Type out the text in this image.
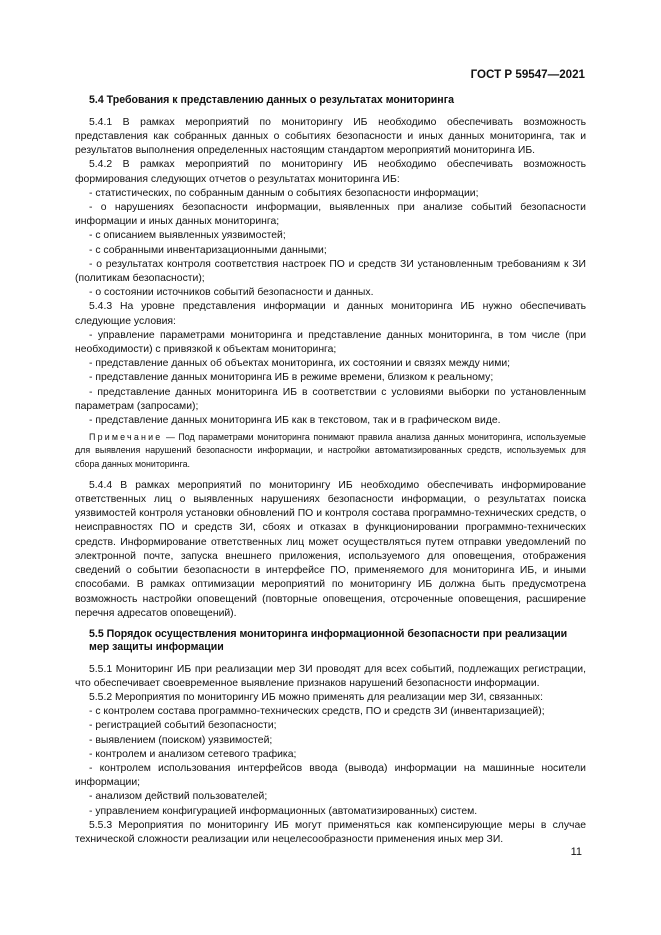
ГОСТ Р 59547—2021
5.4 Требования к представлению данных о результатах мониторинга

5.4.1 В рамках мероприятий по мониторингу ИБ необходимо обеспечивать возможность представления как собранных данных о событиях безопасности и иных данных мониторинга, так и результатов выполнения определенных настоящим стандартом мероприятий мониторинга ИБ.

5.4.2 В рамках мероприятий по мониторингу ИБ необходимо обеспечивать возможность формирования следующих отчетов о результатах мониторинга ИБ:

- статистических, по собранным данным о событиях безопасности информации;

- о нарушениях безопасности информации, выявленных при анализе событий безопасности информации и иных данных мониторинга;

- с описанием выявленных уязвимостей;

- с собранными инвентаризационными данными;

- о результатах контроля соответствия настроек ПО и средств ЗИ установленным требованиям к ЗИ (политикам безопасности);

- о состоянии источников событий безопасности и данных.

5.4.3 На уровне представления информации и данных мониторинга ИБ нужно обеспечивать следующие условия:

- управление параметрами мониторинга и представление данных мониторинга, в том числе (при необходимости) с привязкой к объектам мониторинга;

- представление данных об объектах мониторинга, их состоянии и связях между ними;

- представление данных мониторинга ИБ в режиме времени, близком к реальному;

- представление данных мониторинга ИБ в соответствии с условиями выборки по установленным параметрам (запросами);

- представление данных мониторинга ИБ как в текстовом, так и в графическом виде.

Примечание — Под параметрами мониторинга понимают правила анализа данных мониторинга, используемые для выявления нарушений безопасности информации, и настройки автоматизированных средств, используемых для сбора данных мониторинга.

5.4.4 В рамках мероприятий по мониторингу ИБ необходимо обеспечивать информирование ответственных лиц о выявленных нарушениях безопасности информации, о результатах поиска уязвимостей контроля установки обновлений ПО и контроля состава программно-технических средств, о неисправностях ПО и средств ЗИ, сбоях и отказах в функционировании программно-технических средств. Информирование ответственных лиц может осуществляться путем отправки уведомлений по электронной почте, запуска внешнего приложения, используемого для оповещения, отображения сведений о событии безопасности в интерфейсе ПО, применяемого для мониторинга ИБ, и иными способами. В рамках оптимизации мероприятий по мониторингу ИБ должна быть предусмотрена возможность настройки оповещений (повторные оповещения, отсроченные оповещения, расширение перечня адресатов оповещений).

5.5 Порядок осуществления мониторинга информационной безопасности при реализации мер защиты информации

5.5.1 Мониторинг ИБ при реализации мер ЗИ проводят для всех событий, подлежащих регистрации, что обеспечивает своевременное выявление признаков нарушений безопасности информации.

5.5.2 Мероприятия по мониторингу ИБ можно применять для реализации мер ЗИ, связанных:

- с контролем состава программно-технических средств, ПО и средств ЗИ (инвентаризацией);

- регистрацией событий безопасности;

- выявлением (поиском) уязвимостей;

- контролем и анализом сетевого трафика;

- контролем использования интерфейсов ввода (вывода) информации на машинные носители информации;

- анализом действий пользователей;

- управлением конфигурацией информационных (автоматизированных) систем.

5.5.3 Мероприятия по мониторингу ИБ могут применяться как компенсирующие меры в случае технической сложности реализации или нецелесообразности применения иных мер ЗИ.

11
